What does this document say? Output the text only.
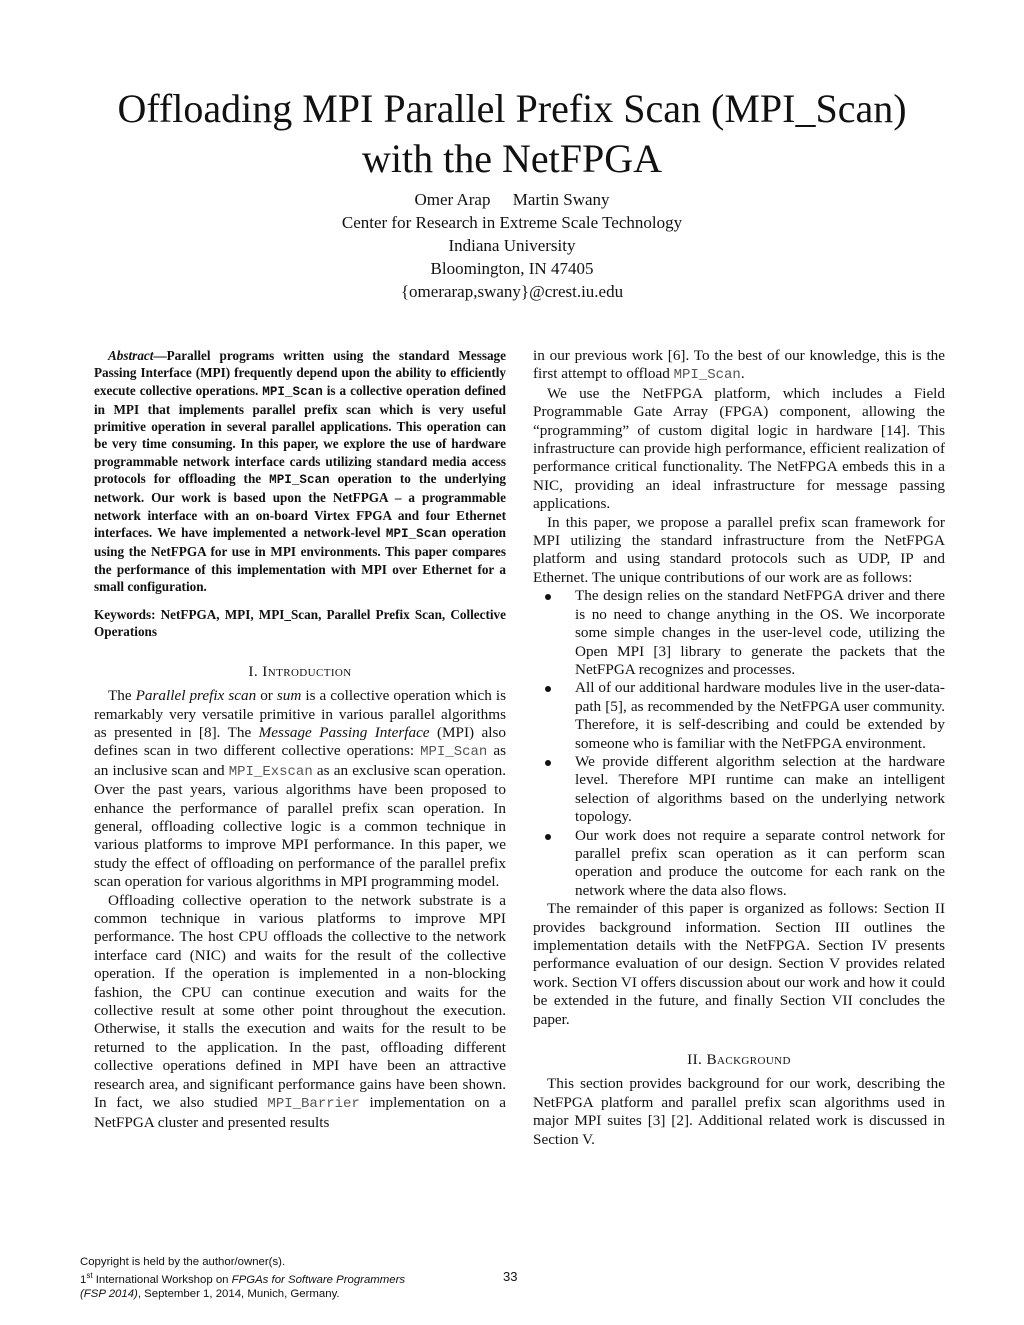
Offloading MPI Parallel Prefix Scan (MPI_Scan)
with the NetFPGA
Omer Arap Martin Swany
Center for Research in Extreme Scale Technology
Indiana University
Bloomington, IN 47405
{omerarap,swany}@crest.iu.edu

Abstract—Parallel programs written using the standard Message Passing Interface (MPI) frequently depend upon the ability to efficiently execute collective operations. MPI_Scan is a collective operation defined in MPI that implements parallel prefix scan which is very useful primitive operation in several parallel applications. This operation can be very time consuming. In this paper, we explore the use of hardware programmable network interface cards utilizing standard media access protocols for offloading the MPI_Scan operation to the underlying network. Our work is based upon the NetFPGA – a programmable network interface with an on-board Virtex FPGA and four Ethernet interfaces. We have implemented a network-level MPI_Scan operation using the NetFPGA for use in MPI environments. This paper compares the performance of this implementation with MPI over Ethernet for a small configuration.

Keywords: NetFPGA, MPI, MPI_Scan, Parallel Prefix Scan, Collective Operations

I. Introduction

The Parallel prefix scan or sum is a collective operation which is remarkably very versatile primitive in various parallel algorithms as presented in [8]. The Message Passing Interface (MPI) also defines scan in two different collective operations: MPI_Scan as an inclusive scan and MPI_Exscan as an exclusive scan operation. Over the past years, various algorithms have been proposed to enhance the performance of parallel prefix scan operation. In general, offloading collective logic is a common technique in various platforms to improve MPI performance. In this paper, we study the effect of offloading on performance of the parallel prefix scan operation for various algorithms in MPI programming model.

Offloading collective operation to the network substrate is a common technique in various platforms to improve MPI performance. The host CPU offloads the collective to the network interface card (NIC) and waits for the result of the collective operation. If the operation is implemented in a non-blocking fashion, the CPU can continue execution and waits for the collective result at some other point throughout the execution. Otherwise, it stalls the execution and waits for the result to be returned to the application. In the past, offloading different collective operations defined in MPI have been an attractive research area, and significant performance gains have been shown. In fact, we also studied MPI_Barrier implementation on a NetFPGA cluster and presented results

in our previous work [6]. To the best of our knowledge, this is the first attempt to offload MPI_Scan.

We use the NetFPGA platform, which includes a Field Programmable Gate Array (FPGA) component, allowing the “programming” of custom digital logic in hardware [14]. This infrastructure can provide high performance, efficient realization of performance critical functionality. The NetFPGA embeds this in a NIC, providing an ideal infrastructure for message passing applications.

In this paper, we propose a parallel prefix scan framework for MPI utilizing the standard infrastructure from the NetFPGA platform and using standard protocols such as UDP, IP and Ethernet. The unique contributions of our work are as follows:

The design relies on the standard NetFPGA driver and there is no need to change anything in the OS. We incorporate some simple changes in the user-level code, utilizing the Open MPI [3] library to generate the packets that the NetFPGA recognizes and processes.
All of our additional hardware modules live in the user-data-path [5], as recommended by the NetFPGA user community. Therefore, it is self-describing and could be extended by someone who is familiar with the NetFPGA environment.
We provide different algorithm selection at the hardware level. Therefore MPI runtime can make an intelligent selection of algorithms based on the underlying network topology.
Our work does not require a separate control network for parallel prefix scan operation as it can perform scan operation and produce the outcome for each rank on the network where the data also flows.

The remainder of this paper is organized as follows: Section II provides background information. Section III outlines the implementation details with the NetFPGA. Section IV presents performance evaluation of our design. Section V provides related work. Section VI offers discussion about our work and how it could be extended in the future, and finally Section VII concludes the paper.

II. Background

This section provides background for our work, describing the NetFPGA platform and parallel prefix scan algorithms used in major MPI suites [3] [2]. Additional related work is discussed in Section V.

Copyright is held by the author/owner(s).
1st International Workshop on FPGAs for Software Programmers
(FSP 2014), September 1, 2014, Munich, Germany.
33
